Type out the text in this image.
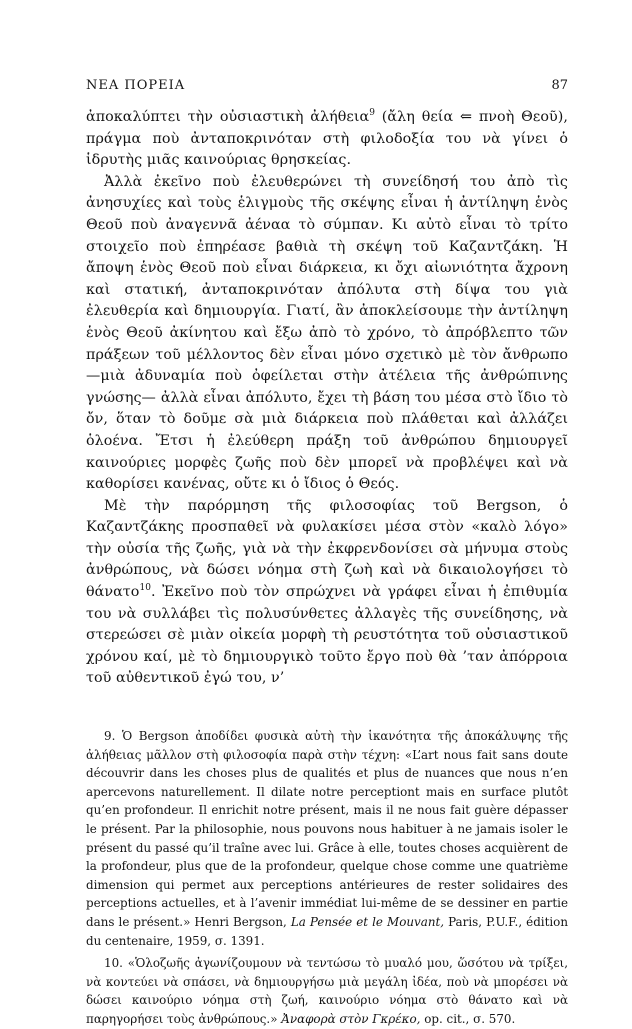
ΝΕΑ ΠΟΡΕΙΑ	87

ἀποκαλύπτει τὴν οὐσιαστικὴ ἀλήθεια$^9$ (ἄλη θεία ⇐ πνοὴ Θεοῦ), πράγμα ποὺ ἀνταποκρινόταν στὴ φιλοδοξία του νὰ γίνει ὁ ἱδρυτὴς μιᾶς καινούριας θρησκείας.

Ἀλλὰ ἐκεῖνο ποὺ ἐλευθερώνει τὴ συνείδησή του ἀπὸ τὶς ἀνησυχίες καὶ τοὺς ἑλιγμοὺς τῆς σκέψης εἶναι ἡ ἀντίληψη ἑνὸς Θεοῦ ποὺ ἀναγεννᾶ ἀέναα τὸ σύμπαν. Κι αὐτὸ εἶναι τὸ τρίτο στοιχεῖο ποὺ ἐπηρέασε βαθιὰ τὴ σκέψη τοῦ Καζαντζάκη. Ἡ ἄποψη ἑνὸς Θεοῦ ποὺ εἶναι διάρκεια, κι ὄχι αἰωνιότητα ἄχρονη καὶ στατική, ἀνταποκρινόταν ἀπόλυτα στὴ δίψα του γιὰ ἐλευθερία καὶ δημιουργία. Γιατί, ἂν ἀποκλείσουμε τὴν ἀντίληψη ἑνὸς Θεοῦ ἀκίνητου καὶ ἔξω ἀπὸ τὸ χρόνο, τὸ ἀπρόβλεπτο τῶν πράξεων τοῦ μέλλοντος δὲν εἶναι μόνο σχετικὸ μὲ τὸν ἄνθρωπο —μιὰ ἀδυναμία ποὺ ὀφείλεται στὴν ἀτέλεια τῆς ἀνθρώπινης γνώσης— ἀλλὰ εἶναι ἀπόλυτο, ἔχει τὴ βάση του μέσα στὸ ἴδιο τὸ ὄν, ὅταν τὸ δοῦμε σὰ μιὰ διάρκεια ποὺ πλάθεται καὶ ἀλλάζει ὁλοένα. Ἔτσι ἡ ἐλεύθερη πράξη τοῦ ἀνθρώπου δημιουργεῖ καινούριες μορφὲς ζωῆς ποὺ δὲν μπορεῖ νὰ προβλέψει καὶ νὰ καθορίσει κανένας, οὔτε κι ὁ ἴδιος ὁ Θεός.

Μὲ τὴν παρόρμηση τῆς φιλοσοφίας τοῦ Bergson, ὁ Καζαντζάκης προσπαθεῖ νὰ φυλακίσει μέσα στὸν «καλὸ λόγο» τὴν οὐσία τῆς ζωῆς, γιὰ νὰ τὴν ἐκφρενδονίσει σὰ μήνυμα στοὺς ἀνθρώπους, νὰ δώσει νόημα στὴ ζωὴ καὶ νὰ δικαιολογήσει τὸ θάνατο$^{10}$. Ἐκεῖνο ποὺ τὸν σπρώχνει νὰ γράφει εἶναι ἡ ἐπιθυμία του νὰ συλλάβει τὶς πολυσύνθετες ἀλλαγὲς τῆς συνείδησης, νὰ στερεώσει σὲ μιὰν οἰκεία μορφὴ τὴ ρευστότητα τοῦ οὐσιαστικοῦ χρόνου καί, μὲ τὸ δημιουργικὸ τοῦτο ἔργο ποὺ θὰ ’ταν ἀπόρροια τοῦ αὐθεντικοῦ ἐγώ του, ν’

9. Ὁ Bergson ἀποδίδει φυσικὰ αὐτὴ τὴν ἱκανότητα τῆς ἀποκάλυψης τῆς ἀλήθειας μᾶλλον στὴ φιλοσοφία παρὰ στὴν τέχνη: «L’art nous fait sans doute découvrir dans les choses plus de qualités et plus de nuances que nous n’en apercevons naturellement. Il dilate notre perceptiont mais en surface plutôt qu’en profondeur. Il enrichit notre présent, mais il ne nous fait guère dépasser le présent. Par la philosophie, nous pouvons nous habituer à ne jamais isoler le présent du passé qu’il traîne avec lui. Grâce à elle, toutes choses acquièrent de la profondeur, plus que de la profondeur, quelque chose comme une quatrième dimension qui permet aux perceptions antérieures de rester solidaires des perceptions actuelles, et à l’avenir immédiat lui-même de se dessiner en partie dans le présent.» Henri Bergson, La Pensée et le Mouvant, Paris, P.U.F., édition du centenaire, 1959, σ. 1391.

10. «Ὁλοζωῆς ἀγωνίζουμουν νὰ τεντώσω τὸ μυαλό μου, ὥσότου νὰ τρίξει, νὰ κοντεύει νὰ σπάσει, νὰ δημιουργήσω μιὰ μεγάλη ἰδέα, ποὺ νὰ μπορέσει νὰ δώσει καινούριο νόημα στὴ ζωή, καινούριο νόημα στὸ θάνατο καὶ νὰ παρηγορήσει τοὺς ἀνθρώπους.» Ἀναφορὰ στὸν Γκρέκο, op. cit., σ. 570.
